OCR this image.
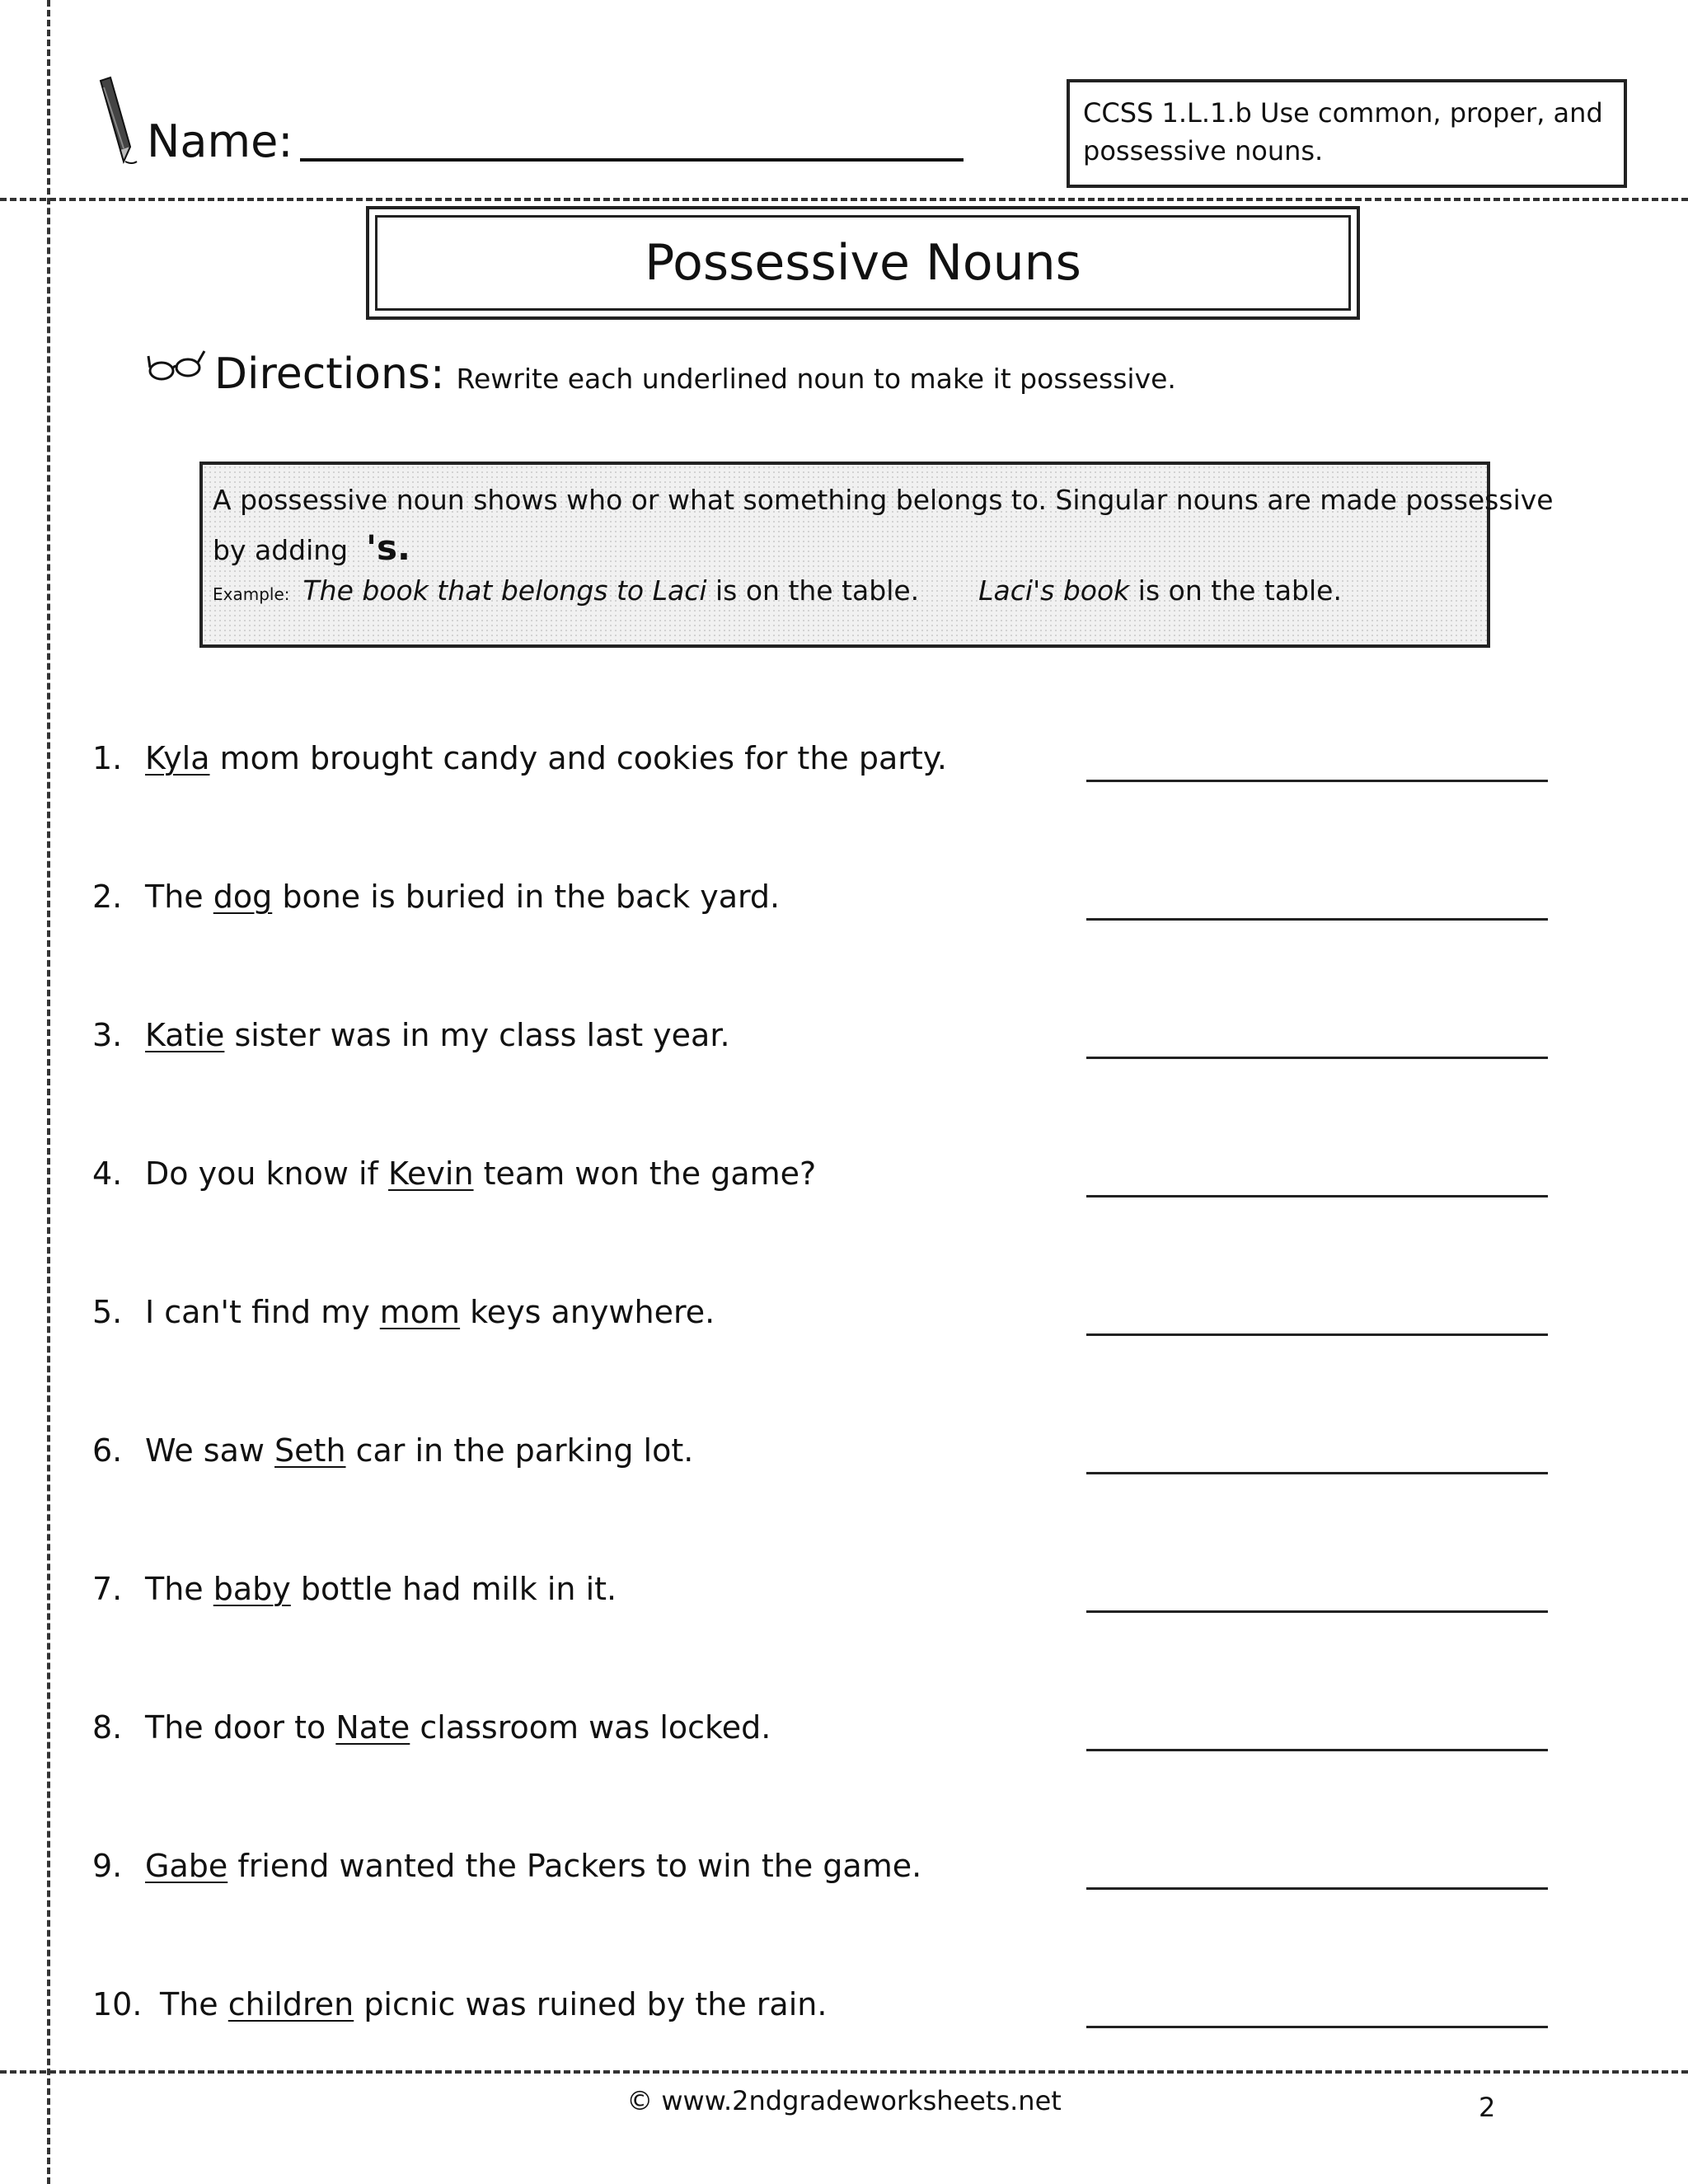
Name:
CCSS 1.L.1.b Use common, proper, and possessive nouns.
Possessive Nouns
Directions: Rewrite each underlined noun to make it possessive.
A possessive noun shows who or what something belongs to. Singular nouns are made possessive
by adding 's.
Example: The book that belongs to Laci is on the table. Laci's book is on the table.
1. Kyla mom brought candy and cookies for the party.
2. The dog bone is buried in the back yard.
3. Katie sister was in my class last year.
4. Do you know if Kevin team won the game?
5. I can't find my mom keys anywhere.
6. We saw Seth car in the parking lot.
7. The baby bottle had milk in it.
8. The door to Nate classroom was locked.
9. Gabe friend wanted the Packers to win the game.
10. The children picnic was ruined by the rain.
© www.2ndgradeworksheets.net	2
